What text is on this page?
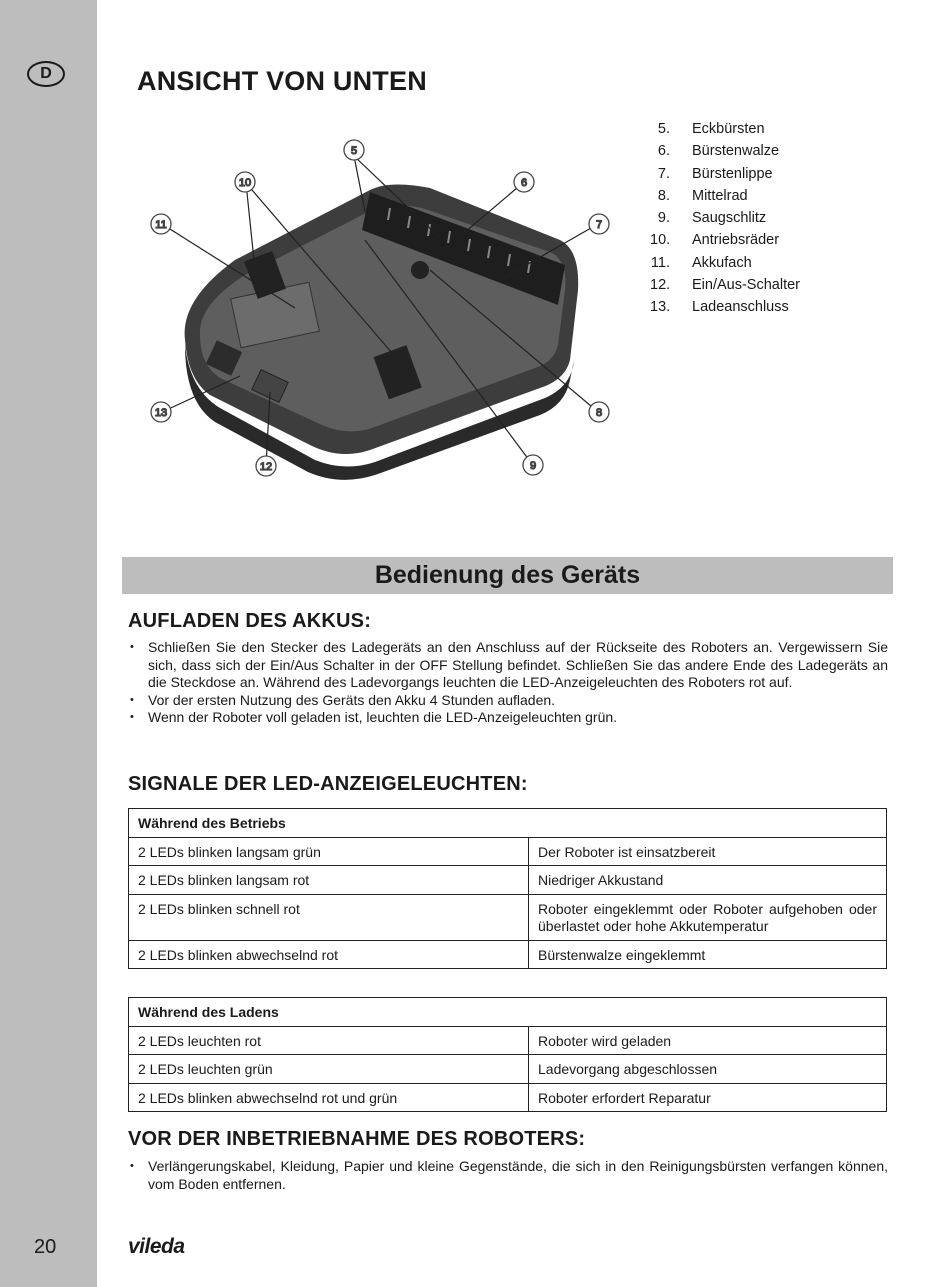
D
20
ANSICHT VON UNTEN
5
6
7
8
9
10
11
12
13
5. Eckbürsten
6. Bürstenwalze
7. Bürstenlippe
8. Mittelrad
9. Saugschlitz
10. Antriebsräder
11. Akkufach
12. Ein/Aus-Schalter
13. Ladeanschluss
Bedienung des Geräts
AUFLADEN DES AKKUS:
• Schließen Sie den Stecker des Ladegeräts an den Anschluss auf der Rückseite des Roboters an. Vergewissern Sie sich, dass sich der Ein/Aus Schalter in der OFF Stellung befindet. Schließen Sie das andere Ende des Ladegeräts an die Steckdose an. Während des Ladevorgangs leuchten die LED-Anzeigeleuchten des Roboters rot auf.
• Vor der ersten Nutzung des Geräts den Akku 4 Stunden aufladen.
• Wenn der Roboter voll geladen ist, leuchten die LED-Anzeigeleuchten grün.
SIGNALE DER LED-ANZEIGELEUCHTEN:
Während des Betriebs	
2 LEDs blinken langsam grün	Der Roboter ist einsatzbereit
2 LEDs blinken langsam rot	Niedriger Akkustand
2 LEDs blinken schnell rot	Roboter eingeklemmt oder Roboter aufgehoben oder überlastet oder hohe Akkutemperatur
2 LEDs blinken abwechselnd rot	Bürstenwalze eingeklemmt
Während des Ladens	
2 LEDs leuchten rot	Roboter wird geladen
2 LEDs leuchten grün	Ladevorgang abgeschlossen
2 LEDs blinken abwechselnd rot und grün	Roboter erfordert Reparatur
VOR DER INBETRIEBNAHME DES ROBOTERS:
• Verlängerungskabel, Kleidung, Papier und kleine Gegenstände, die sich in den Reinigungsbürsten verfangen können, vom Boden entfernen.
vileda
